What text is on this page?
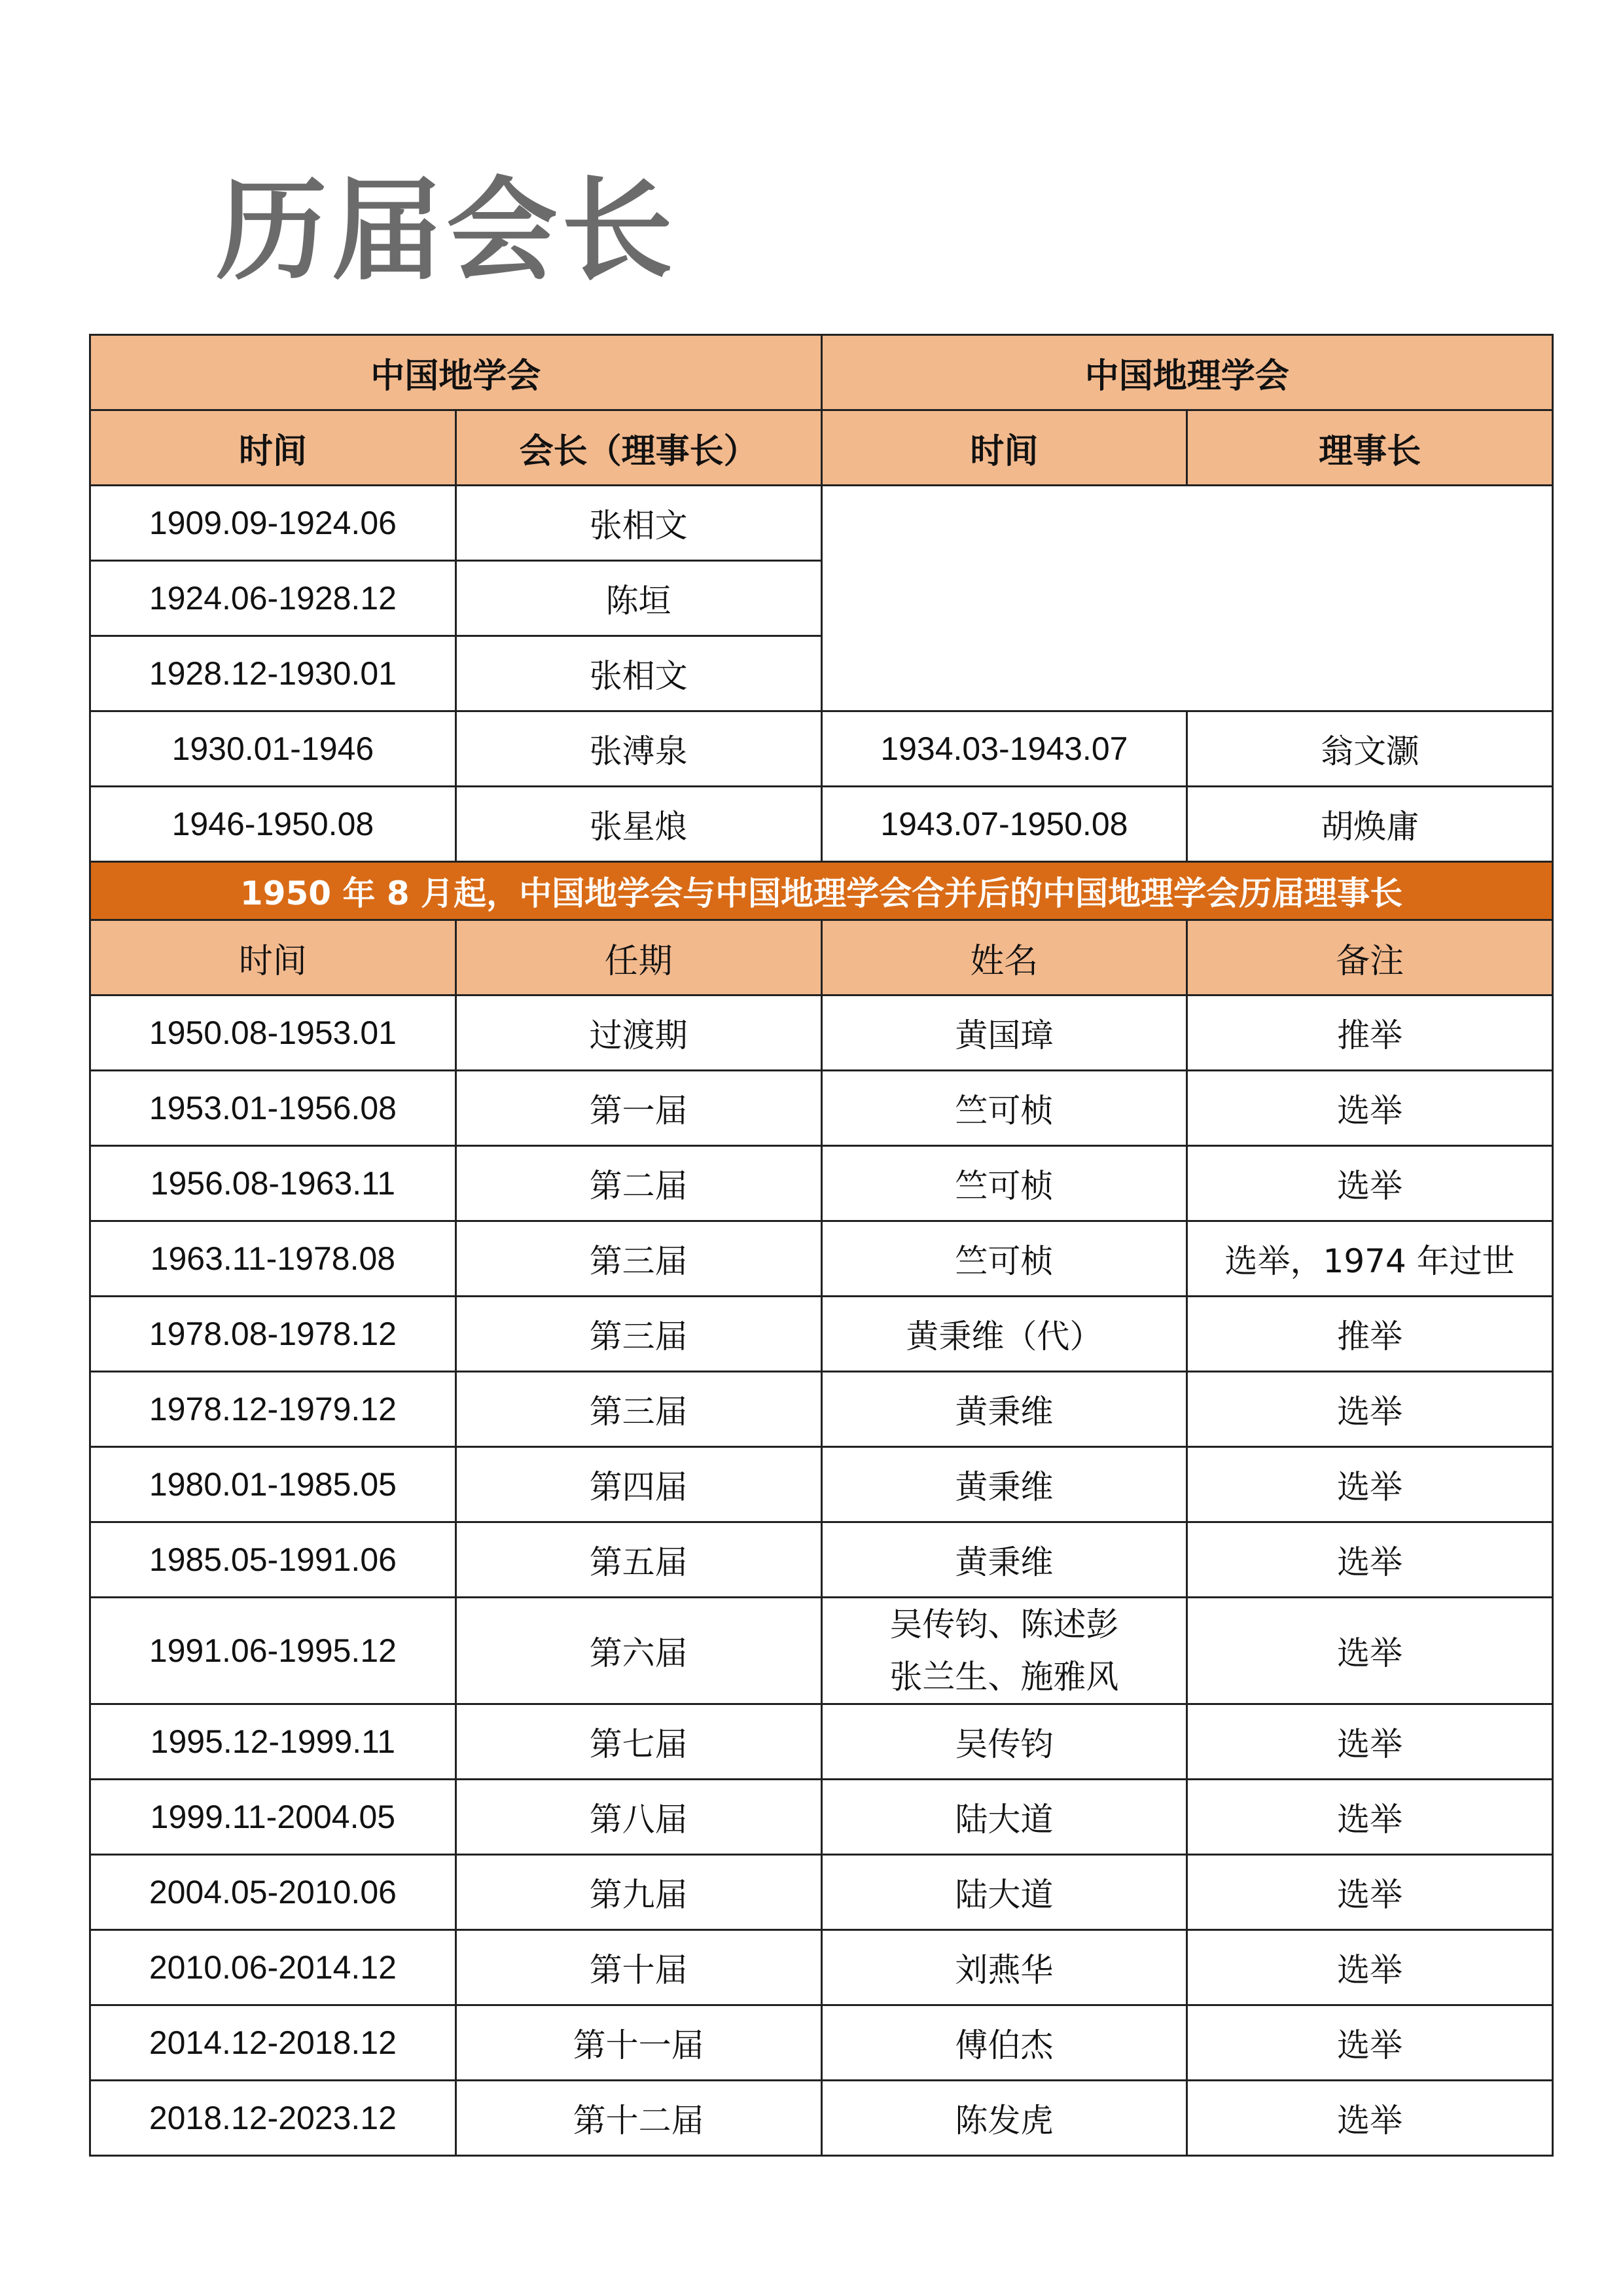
历届会长
中国地学会		中国地理学会	
时间	会长（理事长）	时间	理事长
1909.09-1924.06	张相文		
1924.06-1928.12	陈垣		
1928.12-1930.01	张相文		
1930.01-1946	张溥泉	1934.03-1943.07	翁文灏
1946-1950.08	张星烺	1943.07-1950.08	胡焕庸
1950 年 8 月起，中国地学会与中国地理学会合并后的中国地理学会历届理事长			
时间	任期	姓名	备注
1950.08-1953.01	过渡期	黄国璋	推举
1953.01-1956.08	第一届	竺可桢	选举
1956.08-1963.11	第二届	竺可桢	选举
1963.11-1978.08	第三届	竺可桢	选举，1974 年过世
1978.08-1978.12	第三届	黄秉维（代）	推举
1978.12-1979.12	第三届	黄秉维	选举
1980.01-1985.05	第四届	黄秉维	选举
1985.05-1991.06	第五届	黄秉维	选举
1991.06-1995.12	第六届	吴传钧、陈述彭
张兰生、施雅风	选举
1995.12-1999.11	第七届	吴传钧	选举
1999.11-2004.05	第八届	陆大道	选举
2004.05-2010.06	第九届	陆大道	选举
2010.06-2014.12	第十届	刘燕华	选举
2014.12-2018.12	第十一届	傅伯杰	选举
2018.12-2023.12	第十二届	陈发虎	选举
